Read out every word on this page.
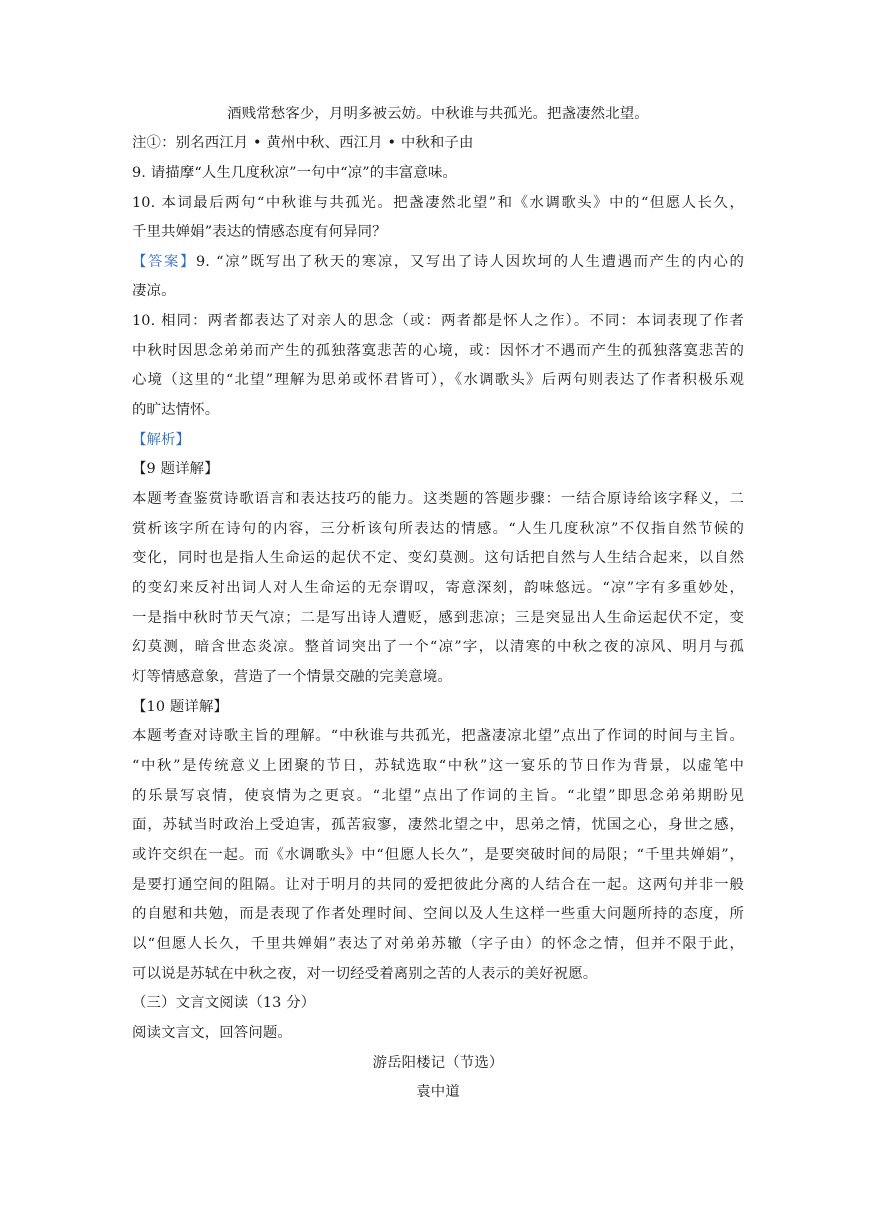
酒贱常愁客少，月明多被云妨。中秋谁与共孤光。把盏凄然北望。
注①：别名西江月 • 黄州中秋、西江月 • 中秋和子由
9. 请描摩“人生几度秋凉”一句中“凉”的丰富意味。
10. 本词最后两句“中秋谁与共孤光。把盏凄然北望”和《水调歌头》中的“但愿人长久，
千里共婵娟”表达的情感态度有何异同？
【答案】9. “凉”既写出了秋天的寒凉，又写出了诗人因坎坷的人生遭遇而产生的内心的
凄凉。
10. 相同：两者都表达了对亲人的思念（或：两者都是怀人之作）。不同：本词表现了作者
中秋时因思念弟弟而产生的孤独落寞悲苦的心境，或：因怀才不遇而产生的孤独落寞悲苦的
心境（这里的“北望”理解为思弟或怀君皆可），《水调歌头》后两句则表达了作者积极乐观
的旷达情怀。
【解析】
【9 题详解】
本题考查鉴赏诗歌语言和表达技巧的能力。这类题的答题步骤：一结合原诗给该字释义，二
赏析该字所在诗句的内容，三分析该句所表达的情感。“人生几度秋凉”不仅指自然节候的
变化，同时也是指人生命运的起伏不定、变幻莫测。这句话把自然与人生结合起来，以自然
的变幻来反衬出词人对人生命运的无奈谓叹，寄意深刻，韵味悠远。“凉”字有多重妙处，
一是指中秋时节天气凉；二是写出诗人遭贬，感到悲凉；三是突显出人生命运起伏不定，变
幻莫测，暗含世态炎凉。整首词突出了一个“凉”字，以清寒的中秋之夜的凉风、明月与孤
灯等情感意象，营造了一个情景交融的完美意境。
【10 题详解】
本题考查对诗歌主旨的理解。“中秋谁与共孤光，把盏凄凉北望”点出了作词的时间与主旨。
“中秋”是传统意义上团聚的节日，苏轼选取“中秋”这一宴乐的节日作为背景，以虚笔中
的乐景写哀情，使哀情为之更哀。“北望”点出了作词的主旨。“北望”即思念弟弟期盼见
面，苏轼当时政治上受迫害，孤苦寂寥，凄然北望之中，思弟之情，忧国之心，身世之感，
或许交织在一起。而《水调歌头》中“但愿人长久”，是要突破时间的局限；“千里共婵娟”，
是要打通空间的阻隔。让对于明月的共同的爱把彼此分离的人结合在一起。这两句并非一般
的自慰和共勉，而是表现了作者处理时间、空间以及人生这样一些重大问题所持的态度，所
以“但愿人长久，千里共婵娟”表达了对弟弟苏辙（字子由）的怀念之情，但并不限于此，
可以说是苏轼在中秋之夜，对一切经受着离别之苦的人表示的美好祝愿。
（三）文言文阅读（13 分）
阅读文言文，回答问题。
游岳阳楼记（节选）
袁中道
